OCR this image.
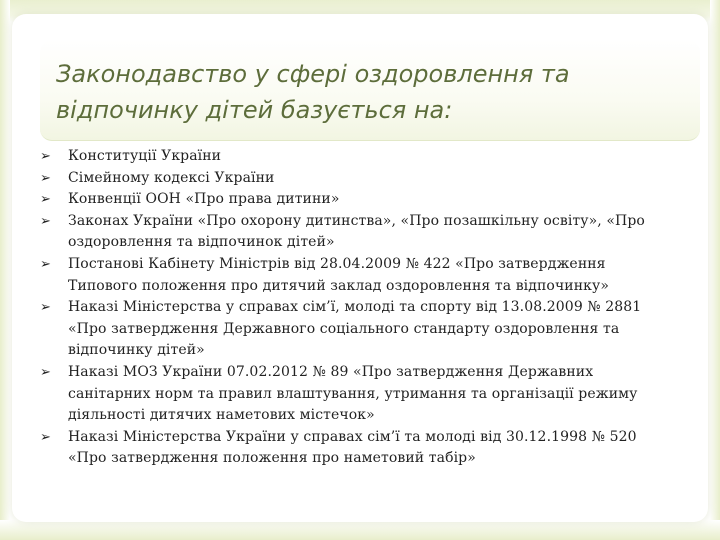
Законодавство у сфері оздоровлення та відпочинку дітей базується на:
➢ Конституції України
➢ Сімейному кодексі України
➢ Конвенції ООН «Про права дитини»
➢ Законах України «Про охорону дитинства», «Про позашкільну освіту», «Про оздоровлення та відпочинок дітей»
➢ Постанові Кабінету Міністрів від 28.04.2009 № 422 «Про затвердження Типового положення про дитячий заклад оздоровлення та відпочинку»
➢ Наказі Міністерства у справах сім’ї, молоді та спорту від 13.08.2009 № 2881 «Про затвердження Державного соціального стандарту оздоровлення та відпочинку дітей»
➢ Наказі МОЗ України 07.02.2012 № 89 «Про затвердження Державних санітарних норм та правил влаштування, утримання та організації режиму діяльності дитячих наметових містечок»
➢ Наказі Міністерства України у справах сім’ї та молоді від 30.12.1998 № 520 «Про затвердження положення про наметовий табір»
